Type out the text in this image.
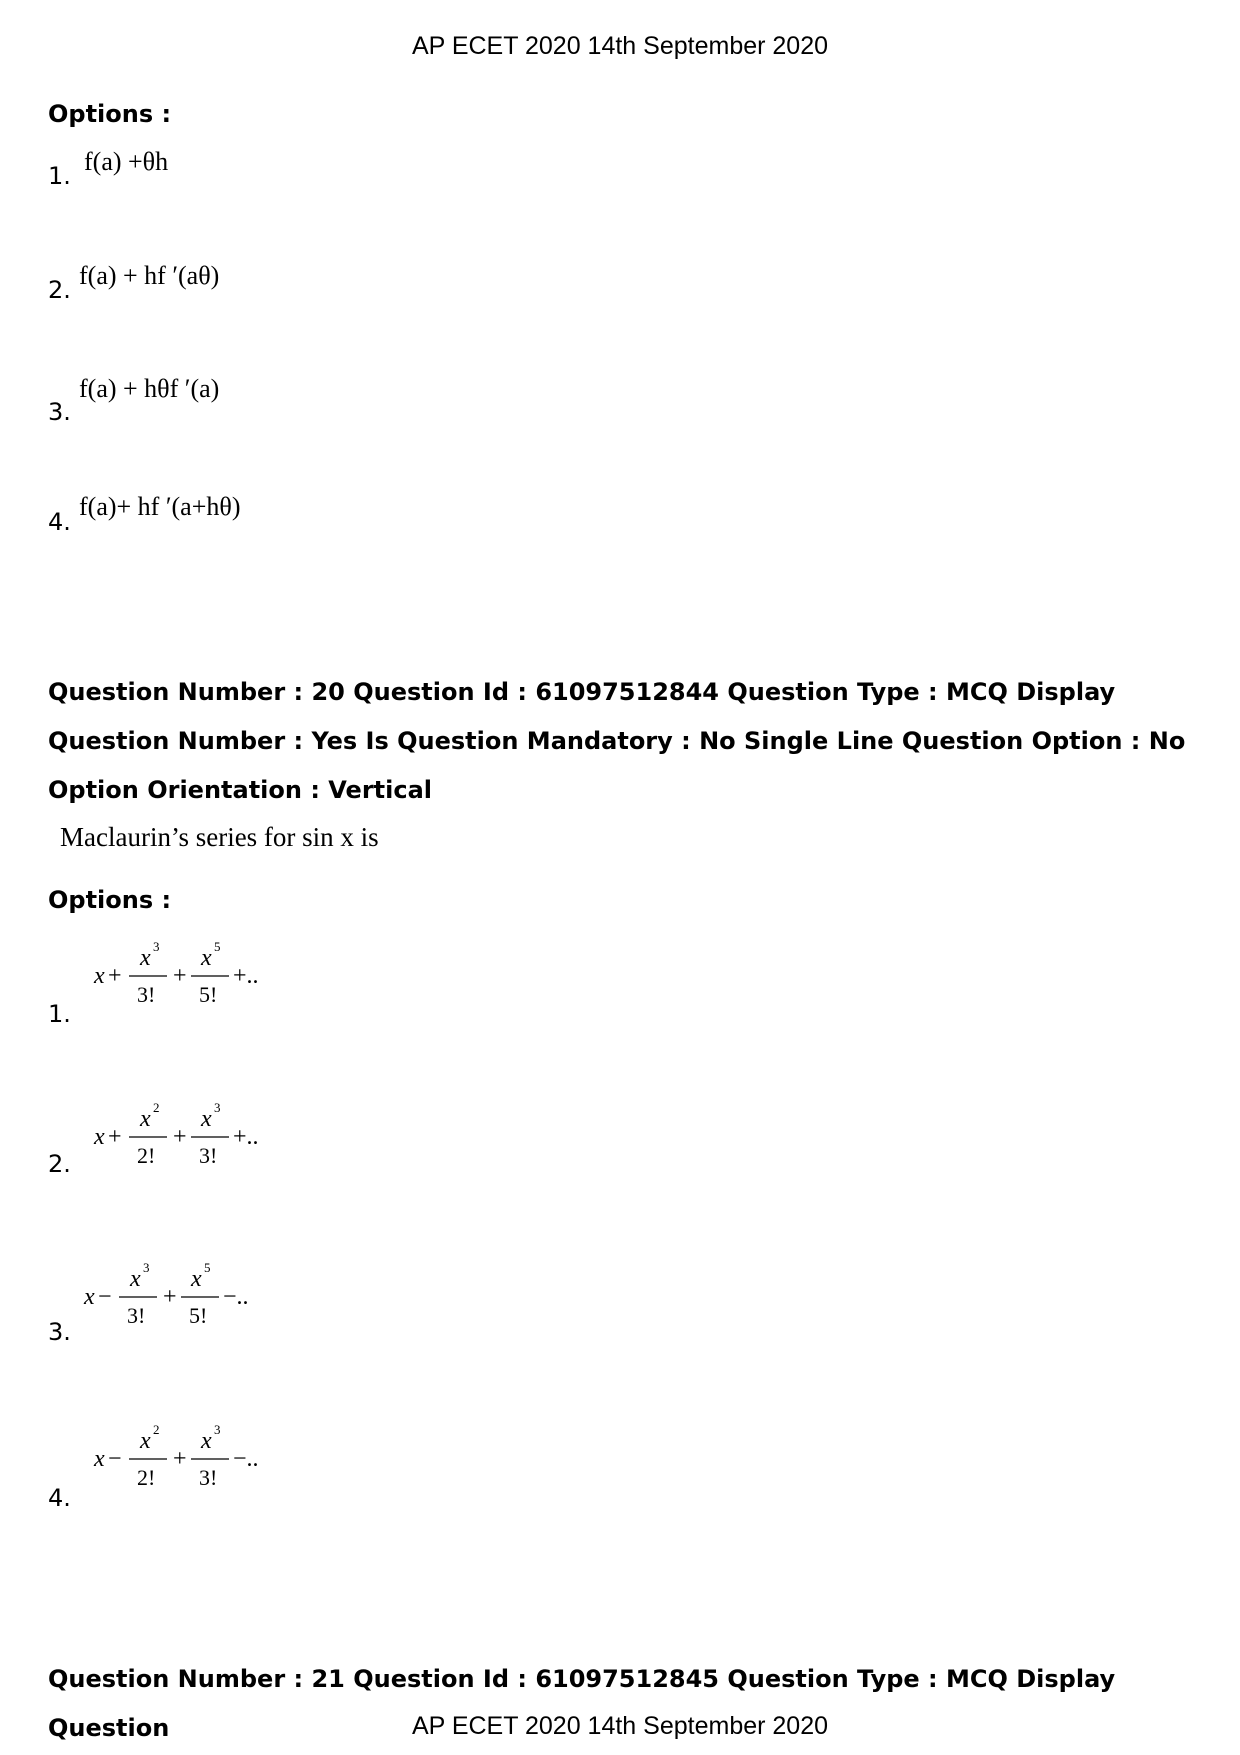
AP ECET 2020 14th September 2020
Options :
1. f(a) +θh
2. f(a) + hf ′(aθ)
3.
f(a) + hθf ′(a)
4.
f(a)+ hf ′(a+hθ)

Question Number : 20 Question Id : 61097512844 Question Type : MCQ Display Question Number : Yes Is Question Mandatory : No Single Line Question Option : No Option Orientation : Vertical

Maclaurin’s series for sin x is
Options :
1.
x +
x 3
3!
+
x 5
5!
+..
2.
x +
x 2
2!
+
x 3
3!
+..
3.
x −
x 3
3!
+
x 5
5!
−..
4.
x −
x 2
2!
+
x 3
3!
−..

Question Number : 21 Question Id : 61097512845 Question Type : MCQ Display Question	AP ECET 2020 14th September 2020
